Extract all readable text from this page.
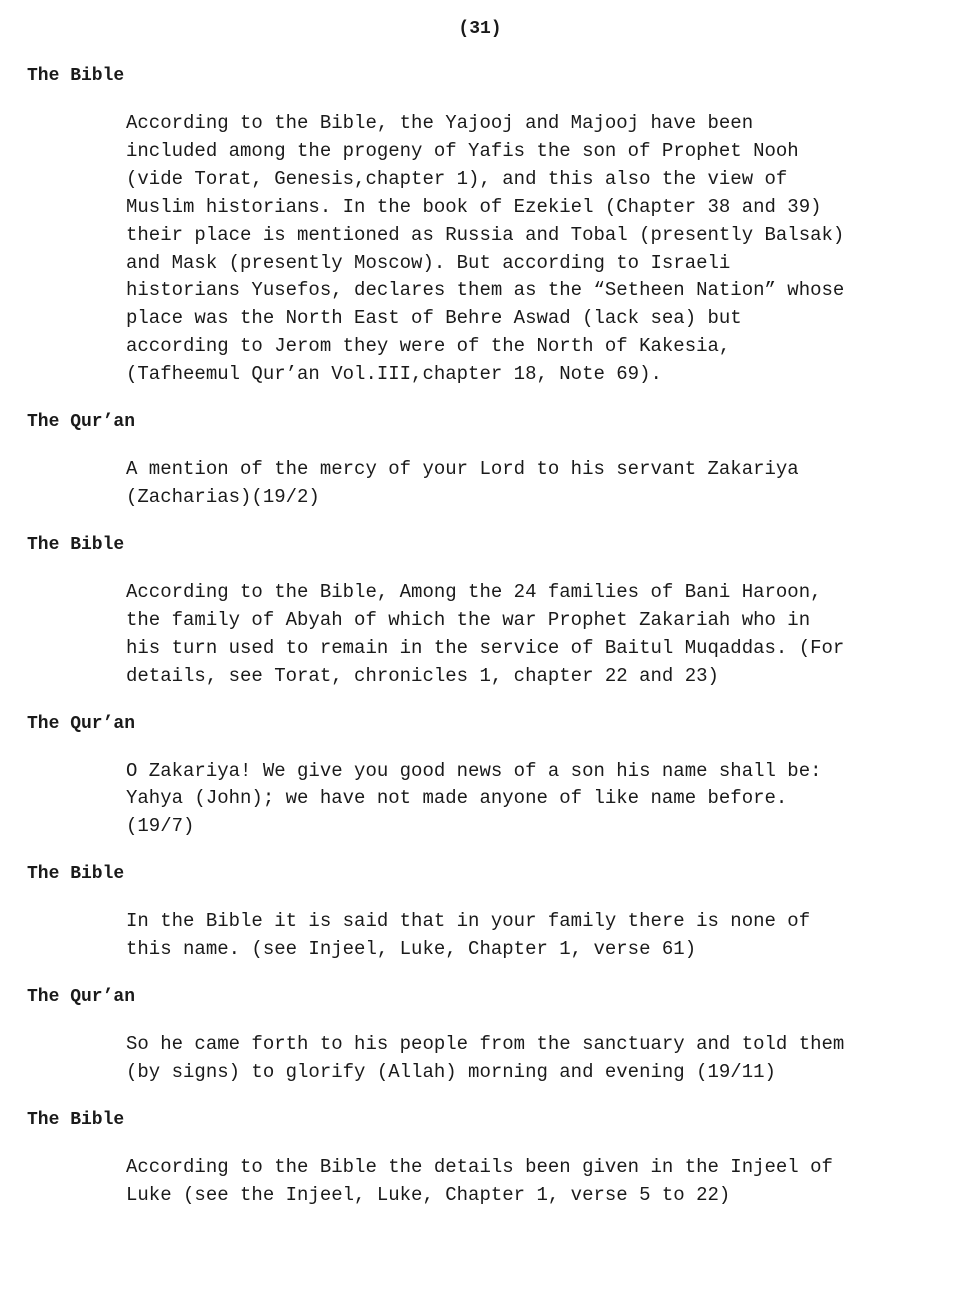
(31)
The Bible
According to the Bible, the Yajooj and Majooj have been
included among the progeny of Yafis the son of Prophet Nooh
(vide Torat, Genesis,chapter 1), and this also the view of
Muslim historians. In the book of Ezekiel (Chapter 38 and 39)
their place is mentioned as Russia and Tobal (presently Balsak)
and Mask (presently Moscow). But according to Israeli
historians Yusefos, declares them as the “Setheen Nation” whose
place was the North East of Behre Aswad (lack sea) but
according to Jerom they were of the North of Kakesia,
(Tafheemul Qur’an Vol.III,chapter 18, Note 69).
The Qur’an
A mention of the mercy of your Lord to his servant Zakariya
(Zacharias)(19/2)
The Bible
According to the Bible, Among the 24 families of Bani Haroon,
the family of Abyah of which the war Prophet Zakariah who in
his turn used to remain in the service of Baitul Muqaddas. (For
details, see Torat, chronicles 1, chapter 22 and 23)
The Qur’an
O Zakariya! We give you good news of a son his name shall be:
Yahya (John); we have not made anyone of like name before.
(19/7)
The Bible
In the Bible it is said that in your family there is none of
this name. (see Injeel, Luke, Chapter 1, verse 61)
The Qur’an
So he came forth to his people from the sanctuary and told them
(by signs) to glorify (Allah) morning and evening (19/11)
The Bible
According to the Bible the details been given in the Injeel of
Luke (see the Injeel, Luke, Chapter 1, verse 5 to 22)
